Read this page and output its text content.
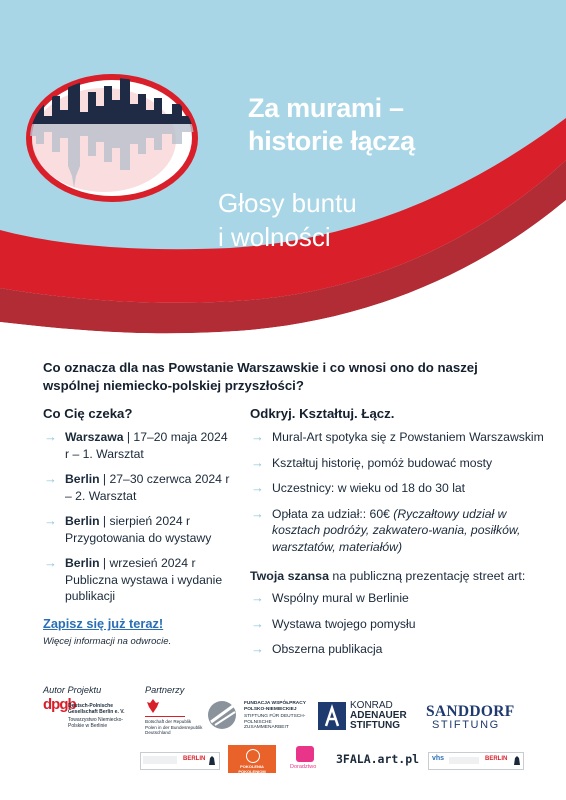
Za murami –
historie łączą
Głosy buntu
i wolności
Co oznacza dla nas Powstanie Warszawskie i co wnosi ono do naszej wspólnej niemiecko-polskiej przyszłości?
Co Cię czeka?
→ Warszawa | 17–20 maja 2024 r – 1. Warsztat
→ Berlin | 27–30 czerwca 2024 r – 2. Warsztat
→ Berlin | sierpień 2024 r Przygotowania do wystawy
→ Berlin | wrzesień 2024 r Publiczna wystawa i wydanie publikacji
Odkryj. Kształtuj. Łącz.
→ Mural-Art spotyka się z Powstaniem Warszawskim
→ Kształtuj historię, pomóż budować mosty
→ Uczestnicy: w wieku od 18 do 30 lat
→ Opłata za udział:: 60€ (Ryczałtowy udział w kosztach podróży, zakwatero-wania, posiłków, warsztatów, materiałów)
Twoja szansa na publiczną prezentację street art:
→ Wspólny mural w Berlinie
→ Wystawa twojego pomysłu
→ Obszerna publikacja
Zapisz się już teraz!
Więcej informacji na odwrocie.
Autor Projektu	Partnerzy
dpgb
Deutsch-Polnische Gesellschaft Berlin e. V.
Towarzystwo Niemiecko-Polskie w Berlinie
Botschaft der Republik Polen in der Bundesrepublik Deutschland
FUNDACJA WSPÓŁPRACY POLSKO-NIEMIECKIEJ
STIFTUNG FÜR DEUTSCH-POLNISCHE ZUSAMMENARBEIT
KONRAD
ADENAUER
STIFTUNG
SANDDORF
STIFTUNG
BERLIN
POKOLENIA POKOLENIOM
Doradztwo
3FALA.art.pl vhs	BERLIN
